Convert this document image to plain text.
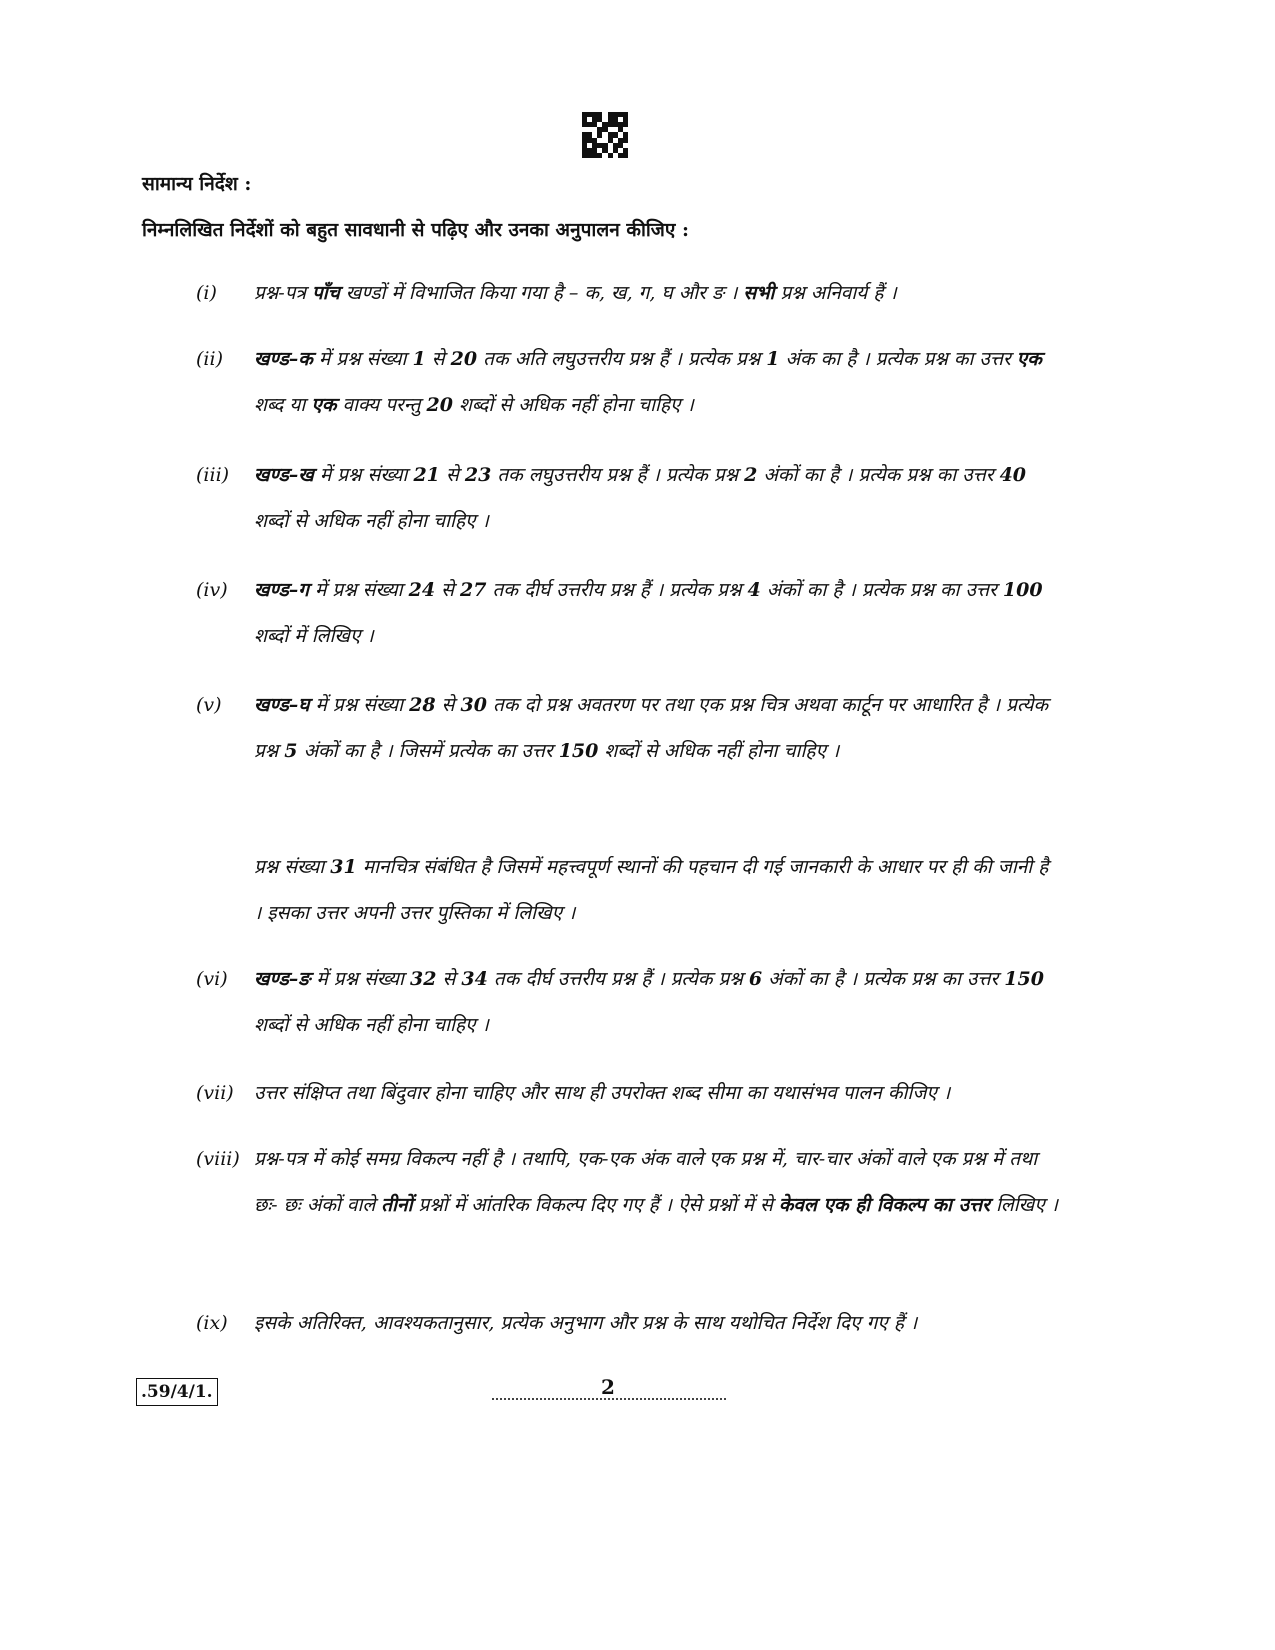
सामान्य निर्देश :
निम्नलिखित निर्देशों को बहुत सावधानी से पढ़िए और उनका अनुपालन कीजिए :
(i)	प्रश्न-पत्र पाँच खण्डों में विभाजित किया गया है – क, ख, ग, घ और ङ । सभी प्रश्न अनिवार्य हैं ।
(ii)	खण्ड–क में प्रश्न संख्या 1 से 20 तक अति लघुउत्तरीय प्रश्न हैं । प्रत्येक प्रश्न 1 अंक का है । प्रत्येक प्रश्न का उत्तर एक शब्द या एक वाक्य परन्तु 20 शब्दों से अधिक नहीं होना चाहिए ।
(iii)	खण्ड–ख में प्रश्न संख्या 21 से 23 तक लघुउत्तरीय प्रश्न हैं । प्रत्येक प्रश्न 2 अंकों का है । प्रत्येक प्रश्न का उत्तर 40 शब्दों से अधिक नहीं होना चाहिए ।
(iv)	खण्ड–ग में प्रश्न संख्या 24 से 27 तक दीर्घ उत्तरीय प्रश्न हैं । प्रत्येक प्रश्न 4 अंकों का है । प्रत्येक प्रश्न का उत्तर 100 शब्दों में लिखिए ।
(v)	खण्ड–घ में प्रश्न संख्या 28 से 30 तक दो प्रश्न अवतरण पर तथा एक प्रश्न चित्र अथवा कार्टून पर आधारित है । प्रत्येक प्रश्न 5 अंकों का है । जिसमें प्रत्येक का उत्तर 150 शब्दों से अधिक नहीं होना चाहिए ।
प्रश्न संख्या 31 मानचित्र संबंधित है जिसमें महत्त्वपूर्ण स्थानों की पहचान दी गई जानकारी के आधार पर ही की जानी है । इसका उत्तर अपनी उत्तर पुस्तिका में लिखिए ।
(vi)	खण्ड–ङ में प्रश्न संख्या 32 से 34 तक दीर्घ उत्तरीय प्रश्न हैं । प्रत्येक प्रश्न 6 अंकों का है । प्रत्येक प्रश्न का उत्तर 150 शब्दों से अधिक नहीं होना चाहिए ।
(vii)	उत्तर संक्षिप्त तथा बिंदुवार होना चाहिए और साथ ही उपरोक्त शब्द सीमा का यथासंभव पालन कीजिए ।
(viii) प्रश्न-पत्र में कोई समग्र विकल्प नहीं है । तथापि, एक-एक अंक वाले एक प्रश्न में, चार-चार अंकों वाले एक प्रश्न में तथा छः- छः अंकों वाले तीनों प्रश्नों में आंतरिक विकल्प दिए गए हैं । ऐसे प्रश्नों में से केवल एक ही विकल्प का उत्तर लिखिए ।
(ix)	इसके अतिरिक्त, आवश्यकतानुसार, प्रत्येक अनुभाग और प्रश्न के साथ यथोचित निर्देश दिए गए हैं ।
.59/4/1.	2
